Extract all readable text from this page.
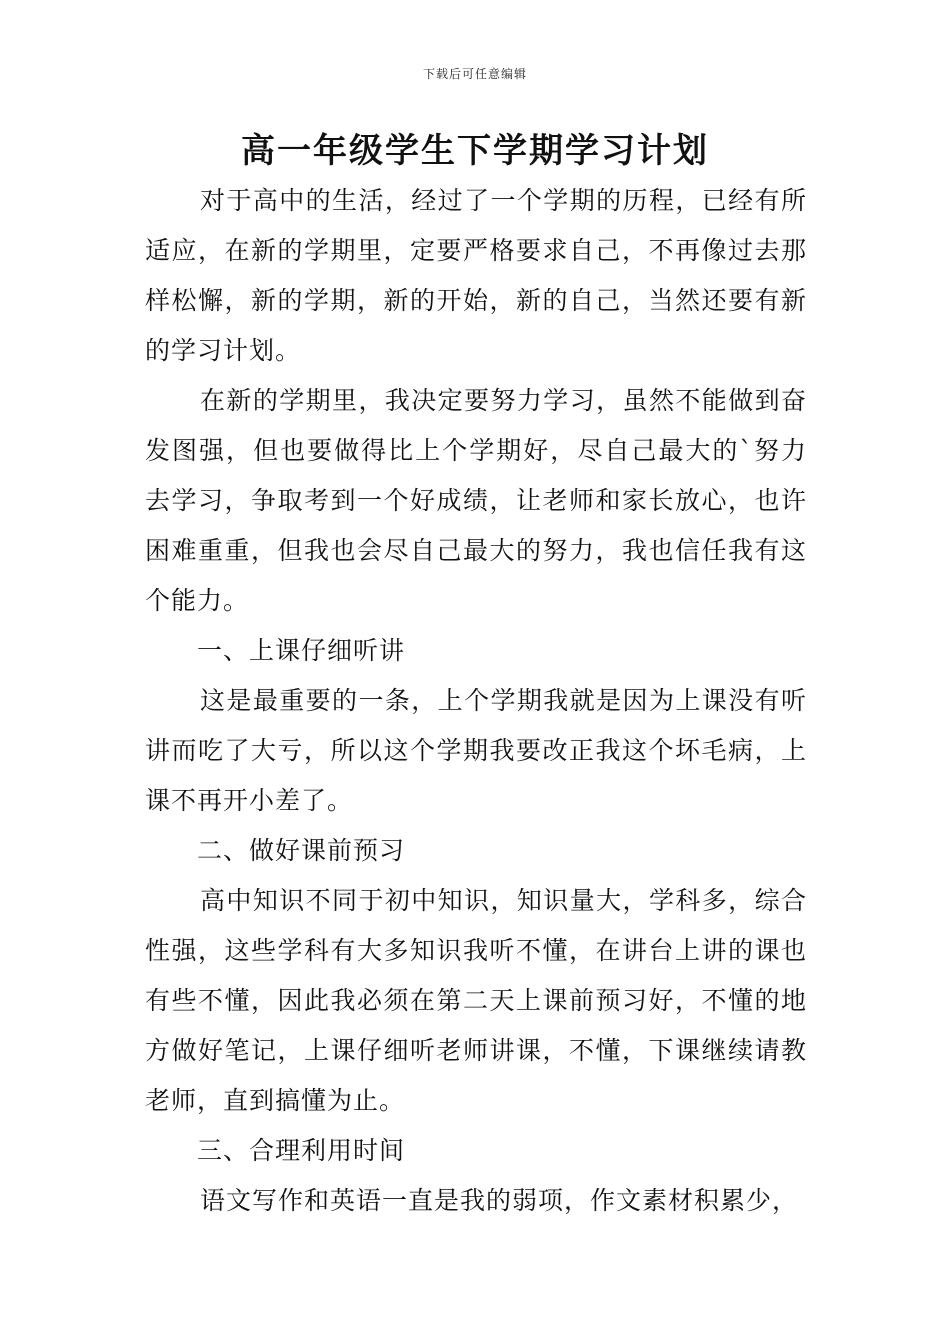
下载后可任意编辑
高一年级学生下学期学习计划

对于高中的生活，经过了一个学期的历程，已经有所适应，在新的学期里，定要严格要求自己，不再像过去那样松懈，新的学期，新的开始，新的自己，当然还要有新的学习计划。

在新的学期里，我决定要努力学习，虽然不能做到奋发图强，但也要做得比上个学期好，尽自己最大的`努力去学习，争取考到一个好成绩，让老师和家长放心，也许困难重重，但我也会尽自己最大的努力，我也信任我有这个能力。

一、上课仔细听讲

这是最重要的一条，上个学期我就是因为上课没有听讲而吃了大亏，所以这个学期我要改正我这个坏毛病，上课不再开小差了。

二、做好课前预习

高中知识不同于初中知识，知识量大，学科多，综合性强，这些学科有大多知识我听不懂，在讲台上讲的课也有些不懂，因此我必须在第二天上课前预习好，不懂的地方做好笔记，上课仔细听老师讲课，不懂，下课继续请教老师，直到搞懂为止。

三、合理利用时间

语文写作和英语一直是我的弱项，作文素材积累少，
